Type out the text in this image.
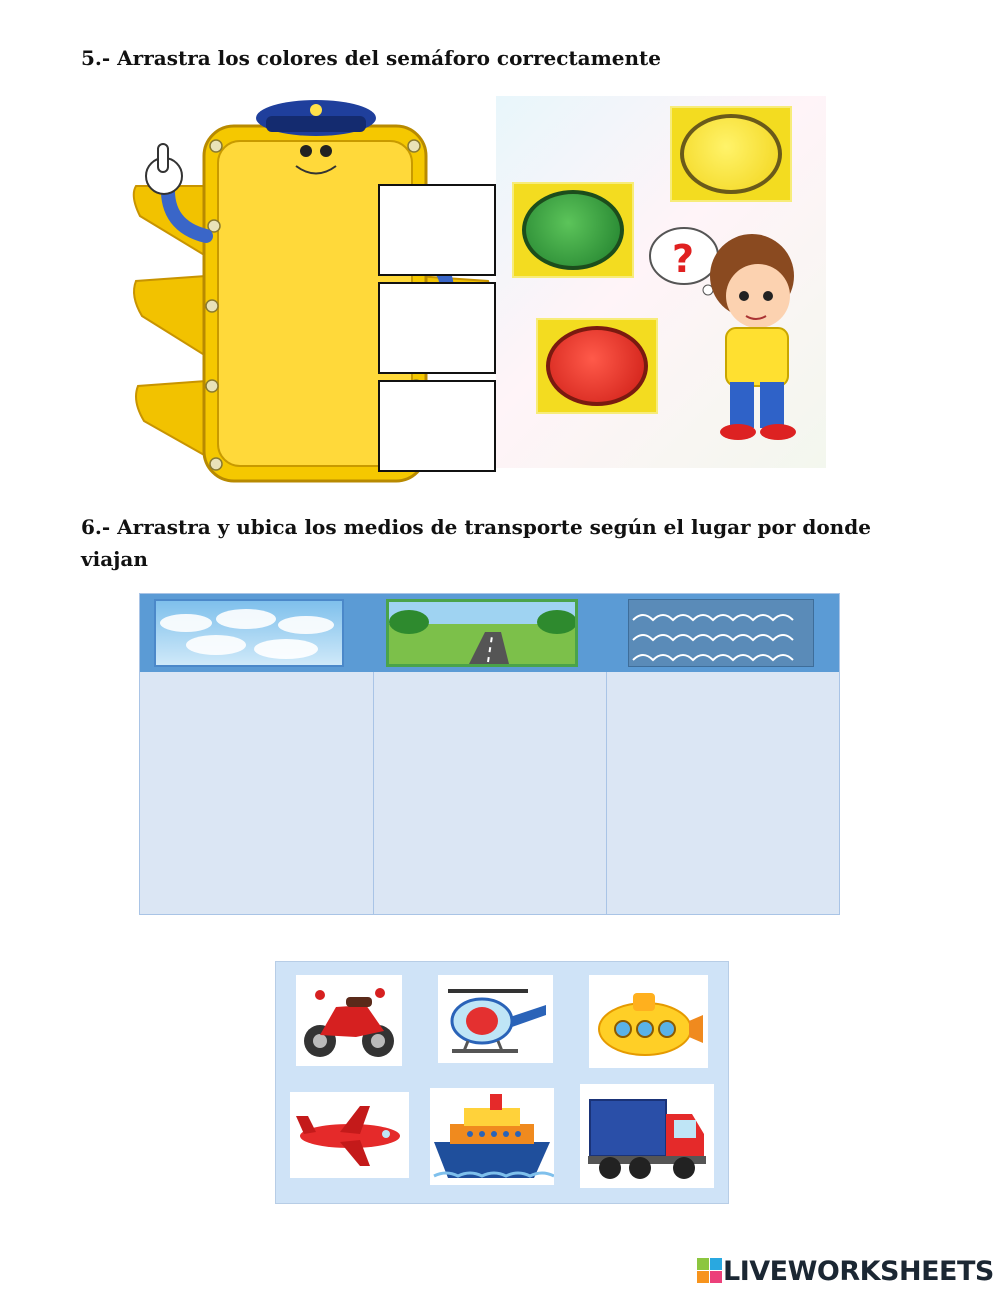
5.- Arrastra los colores del semáforo correctamente

?

6.- Arrastra y ubica los medios de transporte según el lugar por donde viajan

LIVEWORKSHEETS
